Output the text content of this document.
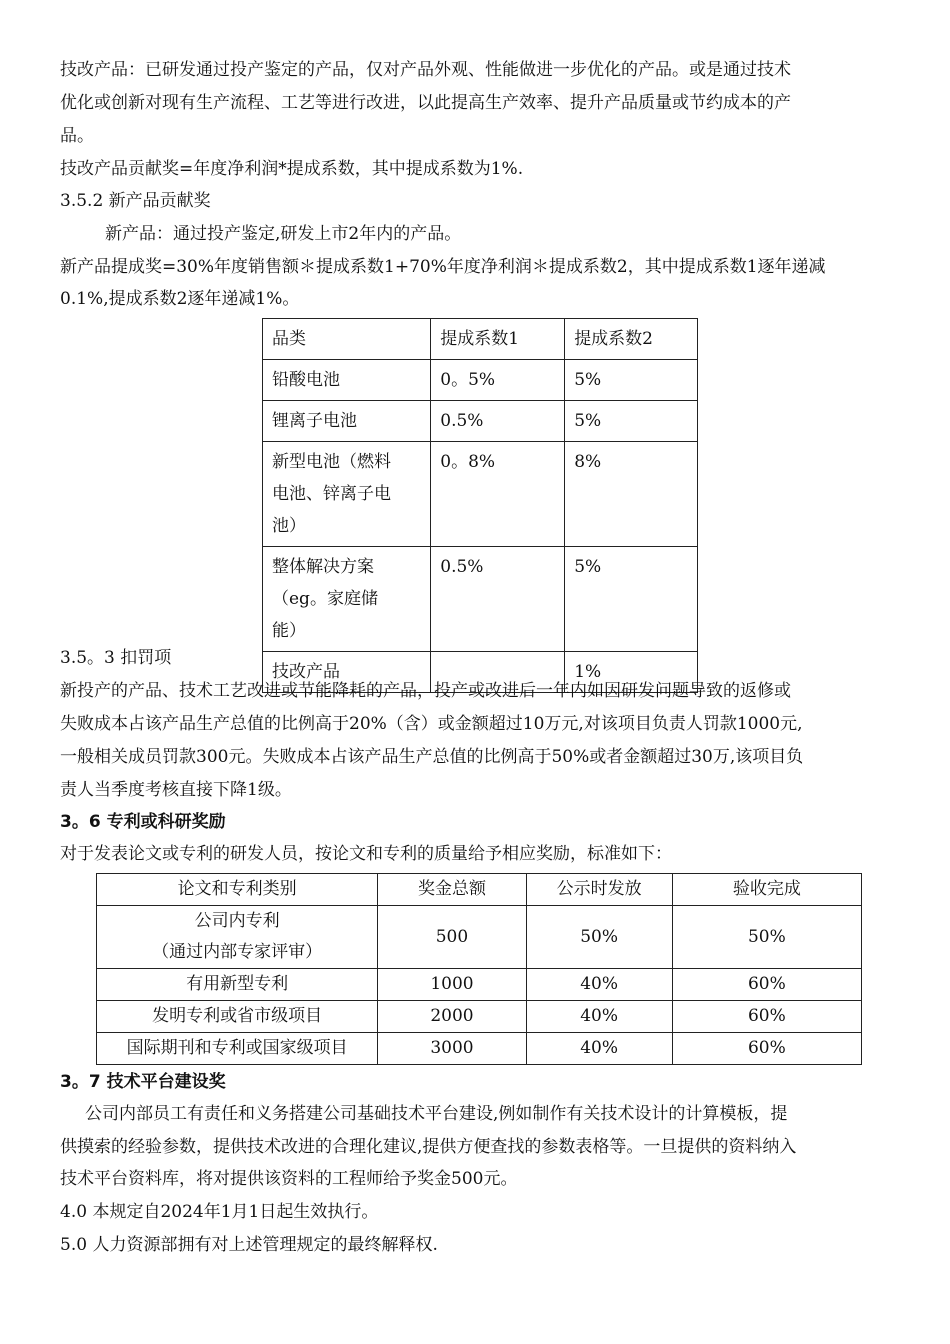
技改产品：已研发通过投产鉴定的产品，仅对产品外观、性能做进一步优化的产品。或是通过技术
优化或创新对现有生产流程、工艺等进行改进，以此提高生产效率、提升产品质量或节约成本的产
品。
技改产品贡献奖=年度净利润*提成系数，其中提成系数为1%.
3.5.2 新产品贡献奖
新产品：通过投产鉴定,研发上市2年内的产品。
新产品提成奖=30%年度销售额＊提成系数1+70%年度净利润＊提成系数2，其中提成系数1逐年递减
0.1%,提成系数2逐年递减1%。
品类	提成系数1	提成系数2

铅酸电池	0。5%	5%

锂离子电池	0.5%	5%

新型电池（燃料
电池、锌离子电
池）	0。8%	8%

整体解决方案
（eg。家庭储
能）	0.5%	5%

技改产品		1%
3.5。3 扣罚项
新投产的产品、技术工艺改进或节能降耗的产品，投产或改进后一年内如因研发问题导致的返修或
失败成本占该产品生产总值的比例高于20%（含）或金额超过10万元,对该项目负责人罚款1000元,
一般相关成员罚款300元。失败成本占该产品生产总值的比例高于50%或者金额超过30万,该项目负
责人当季度考核直接下降1级。
3。6 专利或科研奖励
对于发表论文或专利的研发人员，按论文和专利的质量给予相应奖励，标准如下：
论文和专利类别	奖金总额	公示时发放	验收完成

公司内专利
（通过内部专家评审）	500	50%	50%

有用新型专利	1000	40%	60%

发明专利或省市级项目	2000	40%	60%

国际期刊和专利或国家级项目	3000	40%	60%
3。7 技术平台建设奖
公司内部员工有责任和义务搭建公司基础技术平台建设,例如制作有关技术设计的计算模板，提
供摸索的经验参数，提供技术改进的合理化建议,提供方便查找的参数表格等。一旦提供的资料纳入
技术平台资料库，将对提供该资料的工程师给予奖金500元。
4.0 本规定自2024年1月1日起生效执行。
5.0 人力资源部拥有对上述管理规定的最终解释权.
